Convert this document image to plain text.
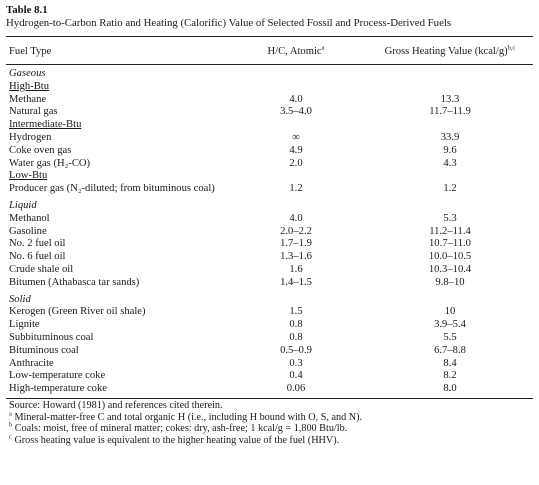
Table 8.1
Hydrogen-to-Carbon Ratio and Heating (Calorific) Value of Selected Fossil and Process-Derived Fuels
Fuel Type	H/C, Atomic$^a$	Gross Heating Value (kcal/g)$^{b,c}$
Gaseous
High-Btu
Methane	4.0	13.3
Natural gas	3.5–4.0	11.7–11.9
Intermediate-Btu
Hydrogen	∞	33.9
Coke oven gas	4.9	9.6
Water gas (H₂-CO)	2.0	4.3
Low-Btu
Producer gas (N₂-diluted; from bituminous coal)	1.2	1.2
Liquid
Methanol	4.0	5.3
Gasoline	2.0–2.2	11.2–11.4
No. 2 fuel oil	1.7–1.9	10.7–11.0
No. 6 fuel oil	1.3–1.6	10.0–10.5
Crude shale oil	1.6	10.3–10.4
Bitumen (Athabasca tar sands)	1.4–1.5	9.8–10
Solid
Kerogen (Green River oil shale)	1.5	10
Lignite	0.8	3.9–5.4
Subbituminous coal	0.8	5.5
Bituminous coal	0.5–0.9	6.7–8.8
Anthracite	0.3	8.4
Low-temperature coke	0.4	8.2
High-temperature coke	0.06	8.0
Source: Howard (1981) and references cited therein.
$^a$ Mineral-matter-free C and total organic H (i.e., including H bound with O, S, and N).
$^b$ Coals: moist, free of mineral matter; cokes: dry, ash-free; 1 kcal/g = 1,800 Btu/lb.
$^c$ Gross heating value is equivalent to the higher heating value of the fuel (HHV).
